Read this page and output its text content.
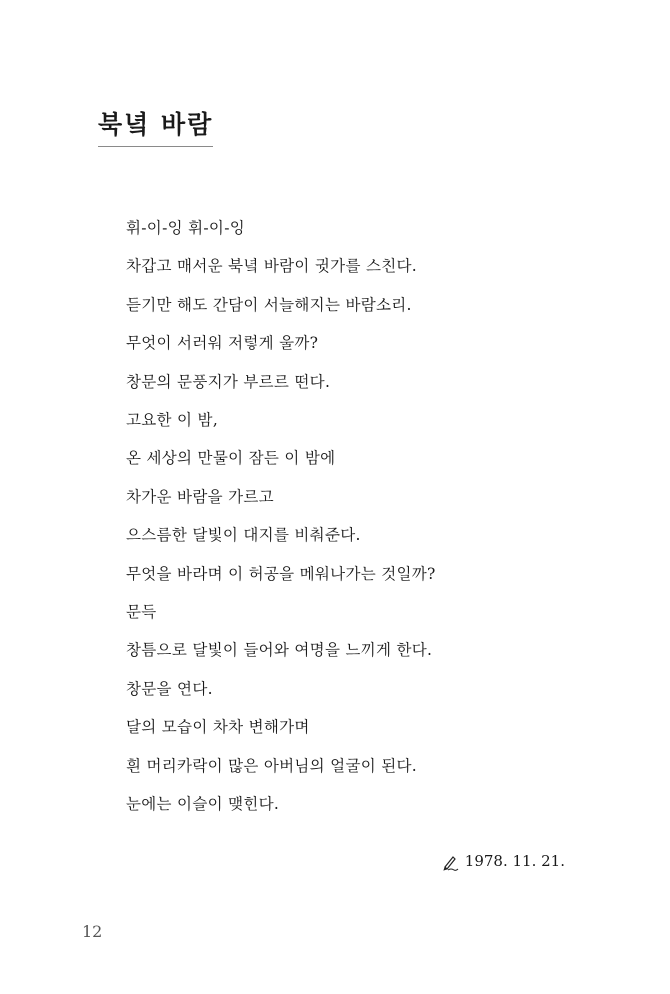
북녘 바람
휘-이-잉 휘-이-잉
차갑고 매서운 북녘 바람이 귓가를 스친다.
듣기만 해도 간담이 서늘해지는 바람소리.
무엇이 서러워 저렇게 울까?
창문의 문풍지가 부르르 떤다.
고요한 이 밤,
온 세상의 만물이 잠든 이 밤에
차가운 바람을 가르고
으스름한 달빛이 대지를 비춰준다.
무엇을 바라며 이 허공을 메워나가는 것일까?
문득
창틈으로 달빛이 들어와 여명을 느끼게 한다.
창문을 연다.
달의 모습이 차차 변해가며
흰 머리카락이 많은 아버님의 얼굴이 된다.
눈에는 이슬이 맺힌다.
1978. 11. 21.
12
